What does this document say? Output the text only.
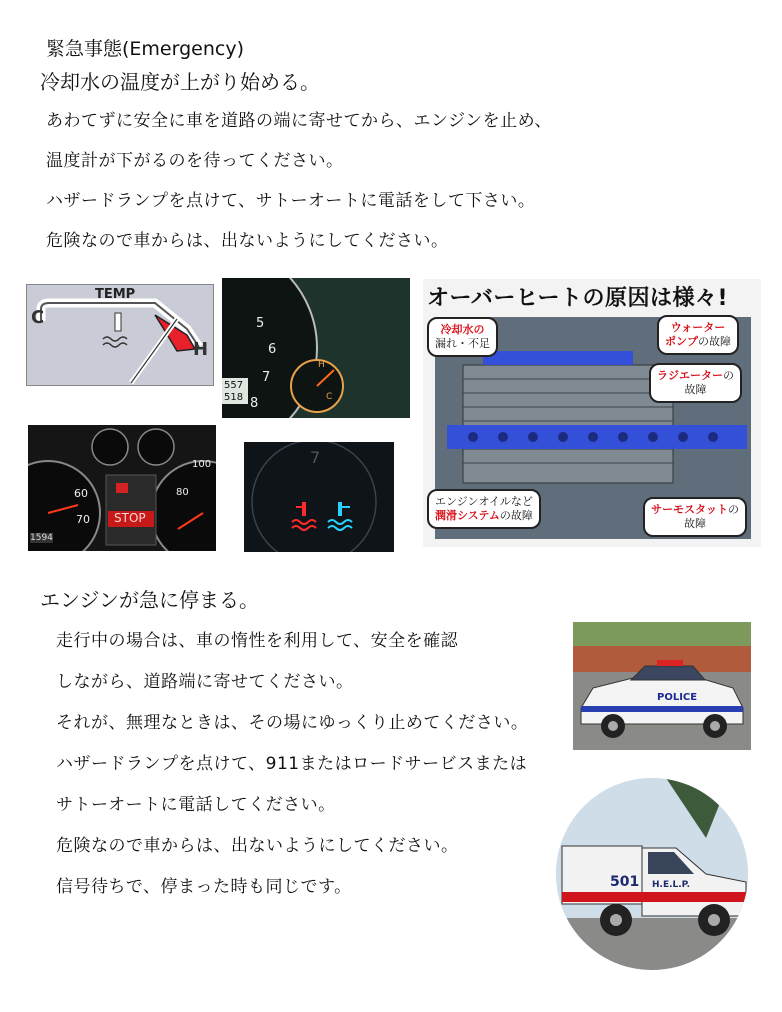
緊急事態(Emergency)
冷却水の温度が上がり始める。
あわてずに安全に車を道路の端に寄せてから、エンジンを止め、
温度計が下がるのを待ってください。
ハザードランプを点けて、サトーオートに電話をして下さい。
危険なので車からは、出ないようにしてください。
TEMP
C
H
5
6
7
8
557
518
H
C
STOP
1594
60
70
100
80
7
オーバーヒートの原因は様々!
冷却水の
漏れ・不足
ウォーター
ポンプの故障
ラジエーターの
故障
エンジンオイルなど
潤滑システムの故障	サーモスタットの
故障
エンジンが急に停まる。
走行中の場合は、車の惰性を利用して、安全を確認
しながら、道路端に寄せてください。
それが、無理なときは、その場にゆっくり止めてください。
ハザードランプを点けて、911またはロードサービスまたは
サトーオートに電話してください。
危険なので車からは、出ないようにしてください。
信号待ちで、停まった時も同じです。
POLICE
501 H.E.L.P.
